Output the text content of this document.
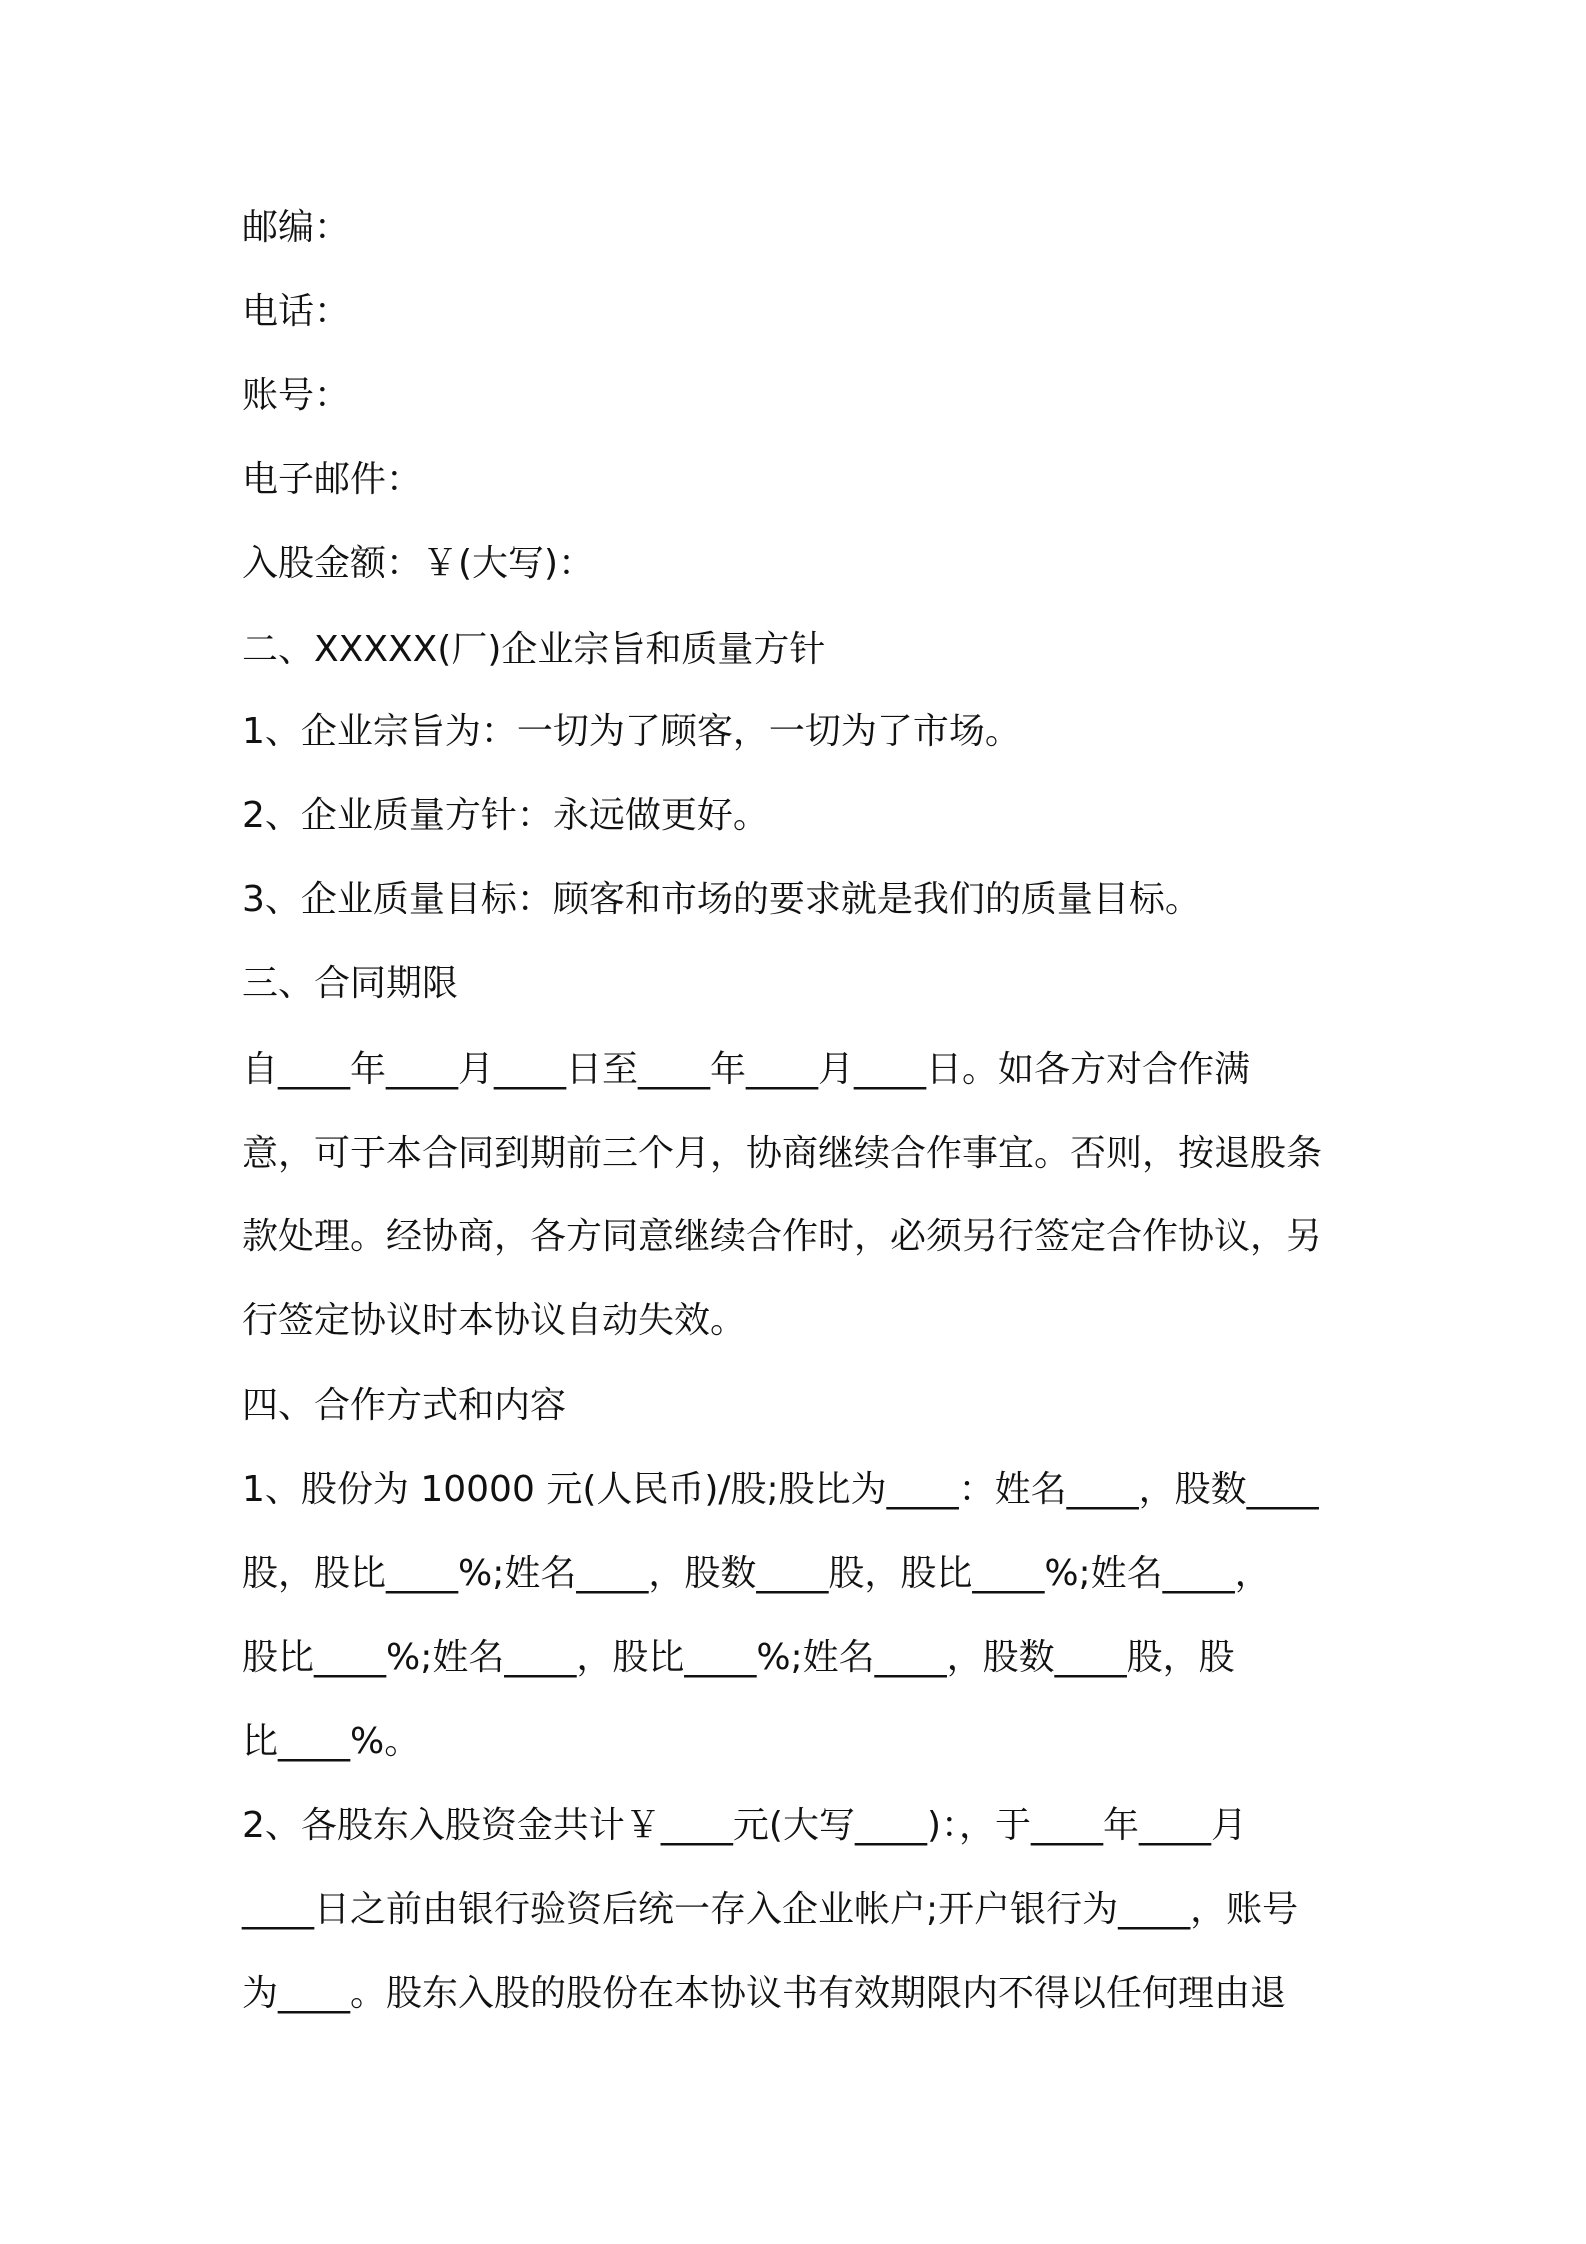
邮编：
电话：
账号：
电子邮件：
入股金额：￥(大写)：
二、XXXXX(厂)企业宗旨和质量方针
1、企业宗旨为：一切为了顾客，一切为了市场。
2、企业质量方针：永远做更好。
3、企业质量目标：顾客和市场的要求就是我们的质量目标。
三、合同期限
自____年____月____日至____年____月____日。如各方对合作满
意，可于本合同到期前三个月，协商继续合作事宜。否则，按退股条
款处理。经协商，各方同意继续合作时，必须另行签定合作协议，另
行签定协议时本协议自动失效。
四、合作方式和内容
1、股份为 10000 元(人民币)/股;股比为____：姓名____，股数____
股，股比____%;姓名____，股数____股，股比____%;姓名____，
股比____%;姓名____，股比____%;姓名____，股数____股，股
比____%。
2、各股东入股资金共计￥____元(大写____)：，于____年____月
____日之前由银行验资后统一存入企业帐户;开户银行为____，账号
为____。股东入股的股份在本协议书有效期限内不得以任何理由退
